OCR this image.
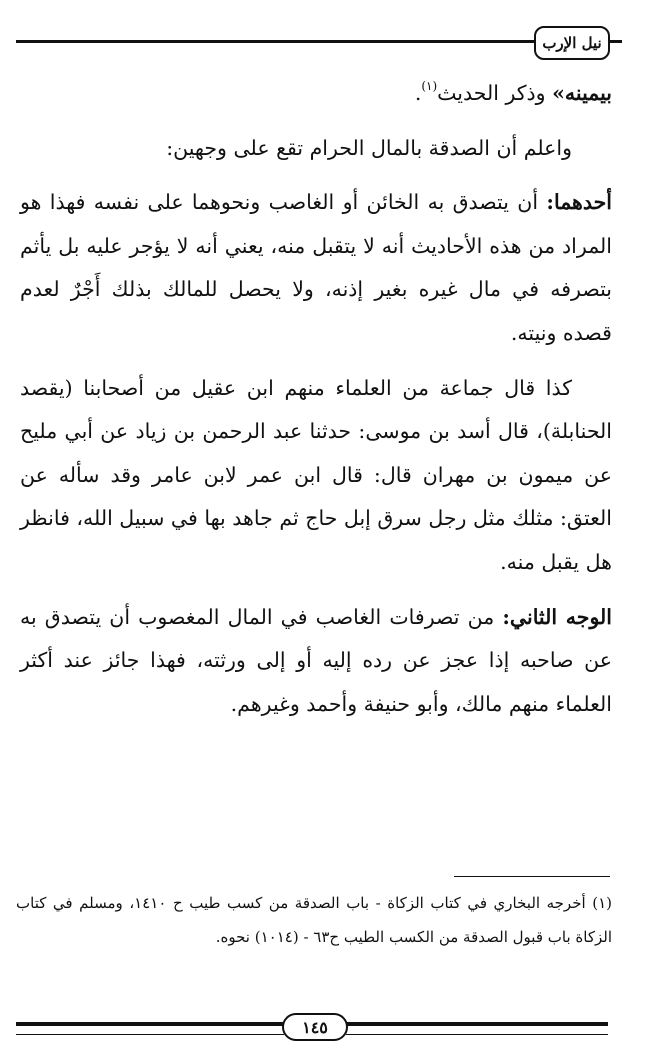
نيل الإرب

بيمينه» وذكر الحديث$^{(١)}$.

واعلم أن الصدقة بالمال الحرام تقع على وجهين:

أحدهما: أن يتصدق به الخائن أو الغاصب ونحوهما على نفسه فهذا هو المراد من هذه الأحاديث أنه لا يتقبل منه، يعني أنه لا يؤجر عليه بل يأثم بتصرفه في مال غيره بغير إذنه، ولا يحصل للمالك بذلك أَجْرٌ لعدم قصده ونيته.

كذا قال جماعة من العلماء منهم ابن عقيل من أصحابنا (يقصد الحنابلة)، قال أسد بن موسى: حدثنا عبد الرحمن بن زياد عن أبي مليح عن ميمون بن مهران قال: قال ابن عمر لابن عامر وقد سأله عن العتق: مثلك مثل رجل سرق إبل حاج ثم جاهد بها في سبيل الله، فانظر هل يقبل منه.

الوجه الثاني: من تصرفات الغاصب في المال المغصوب أن يتصدق به عن صاحبه إذا عجز عن رده إليه أو إلى ورثته، فهذا جائز عند أكثر العلماء منهم مالك، وأبو حنيفة وأحمد وغيرهم.

(١) أخرجه البخاري في كتاب الزكاة - باب الصدقة من كسب طيب ح ١٤١٠، ومسلم في كتاب الزكاة باب قبول الصدقة من الكسب الطيب ح٦٣ - (١٠١٤) نحوه.

١٤٥
